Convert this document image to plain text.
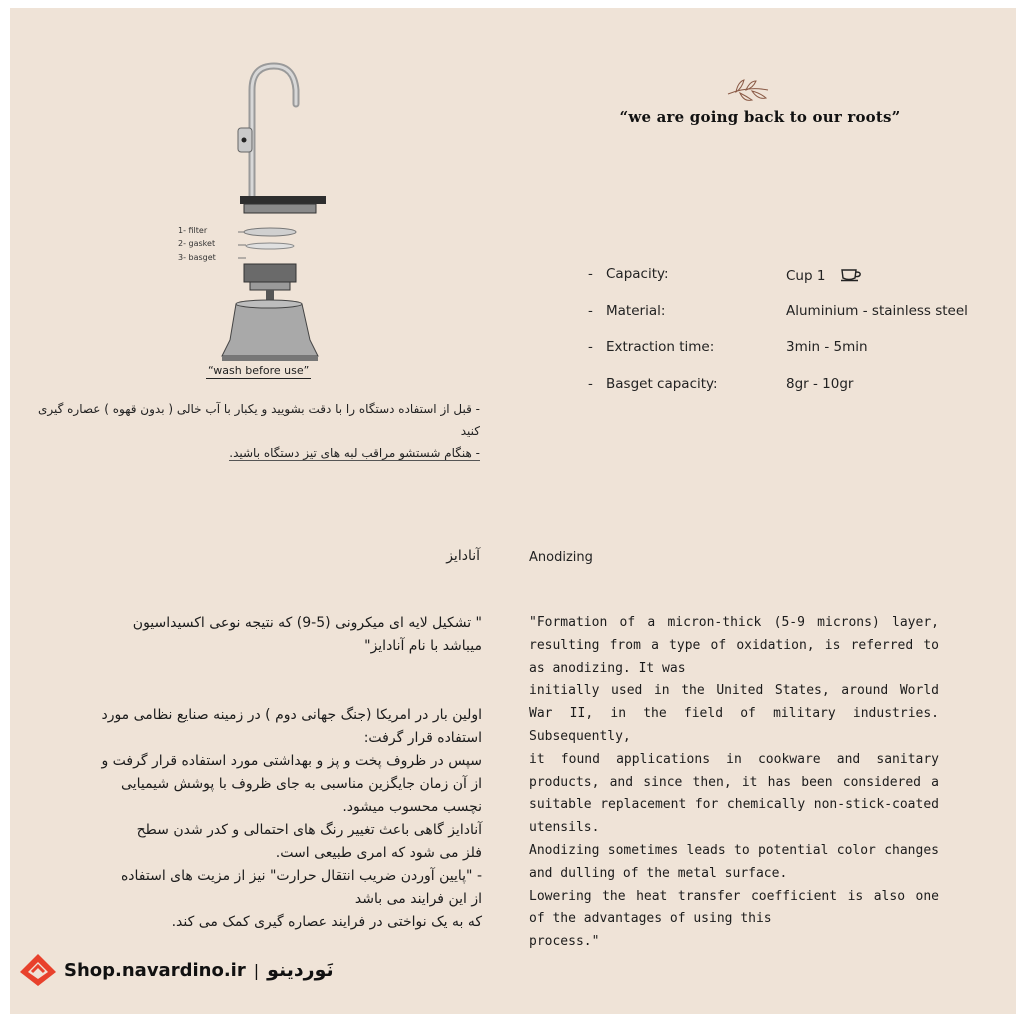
1- filter
2- gasket
3- basget
“wash before use”
- قبل از استفاده دستگاه را با دقت بشویید و یکبار با آب خالی ( بدون قهوه ) عصاره گیری کنید
- هنگام شستشو مراقب لبه های تیز دستگاه باشید.
“we are going back to our roots”
- Capacity:	Cup 1
- Material:	Aluminium - stainless steel
- Extraction time:	3min - 5min
- Basget capacity:	8gr - 10gr
آنادایز	Anodizing

" تشکیل لایه ای میکرونی (5-9) که نتیجه نوعی اکسیداسیون

میباشد با نام آنادایز"

اولین بار در امریکا (جنگ جهانی دوم ) در زمینه صنایع نظامی مورد

استفاده قرار گرفت:

سپس در ظروف پخت و پز و بهداشتی مورد استفاده قرار گرفت و

از آن زمان جایگزین مناسبی به جای ظروف با پوشش شیمیایی

نچسب محسوب میشود.

آنادایز گاهی باعث تغییر رنگ های احتمالی و کدر شدن سطح

فلز می شود که امری طبیعی است.

- "پایین آوردن ضریب انتقال حرارت" نیز از مزیت های استفاده

از این فرایند می باشد

که به یک نواختی در فرایند عصاره گیری کمک می کند.

"Formation of a micron-thick (5-9 microns) layer, resulting from a type of oxidation, is referred to as anodizing. It was
initially used in the United States, around World War II, in the field of military industries. Subsequently,
it found applications in cookware and sanitary products, and since then, it has been considered a suitable replacement for chemically non-stick-coated utensils.
Anodizing sometimes leads to potential color changes and dulling of the metal surface.
Lowering the heat transfer coefficient is also one of the advantages of using this
process."
Shop.navardino.ir | نَوردینو
